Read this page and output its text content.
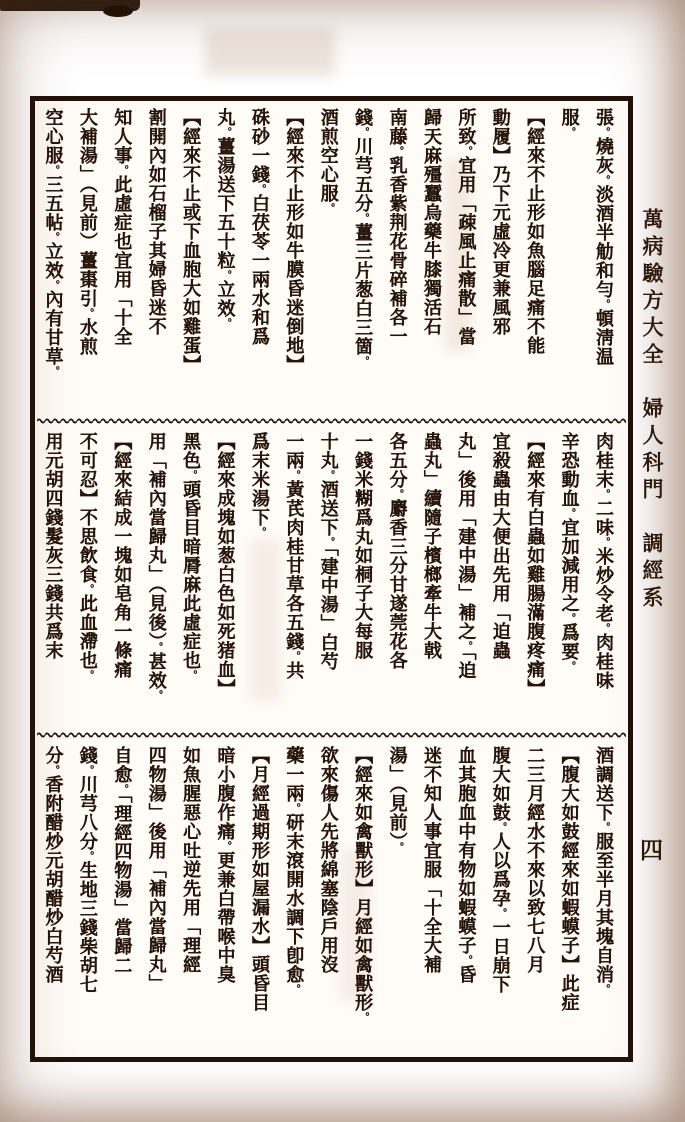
張。燒灰。淡酒半觔和勻。頓淸温
服。
【經來不止形如魚腦足痛不能
動履】乃下元虛冷更兼風邪
所致。宜用「疎風止痛散」當
歸天麻殭蠶烏藥牛膝獨活石
南藤。乳香紫荆花骨碎補各一
錢。川芎五分。薑三片葱白三箇。
酒煎空心服。
【經來不止形如牛膜昏迷倒地】
硃砂一錢。白茯苓一兩水和爲
丸。薑湯送下五十粒。立效。
【經來不止或下血胞大如雞蛋】
割開內如石榴子其婦昏迷不
知人事。此虛症也宜用「十全
大補湯」（見前）薑棗引。水煎
空心服。三五帖。立效。內有甘草。
肉桂末。二味。米炒令老。肉桂味
辛恐動血。宜加減用之。爲要。
【經來有白蟲如雞腸滿腹疼痛】
宜殺蟲由大便出先用「迫蟲
丸」後用「建中湯」補之。「迫
蟲丸」續隨子檳榔牽牛大戟
各五分。麝香三分甘遂莞花各
一錢米糊爲丸如桐子大每服
十丸。酒送下。「建中湯」白芍
一兩。黃芪肉桂甘草各五錢。共
爲末米湯下。
【經來成塊如葱白色如死猪血】
黑色。頭昏目暗脣麻此虛症也。
用「補內當歸丸」（見後）。甚效。
【經來結成一塊如皂角一條痛
不可忍】不思飲食。此血滯也。
用元胡四錢髮灰三錢共爲末
酒調送下。服至半月其塊自消。
【腹大如鼓經來如蝦蟆子】此症
二三月經水不來以致七八月
腹大如鼓。人以爲孕。一日崩下
血其胞血中有物如蝦蟆子。昏
迷不知人事宜服「十全大補
湯」（見前）。
【經來如禽獸形】月經如禽獸形。
欲來傷人先將綿塞陰戶用沒
藥一兩。研末滾開水調下卽愈。
【月經過期形如屋漏水】頭昏目
暗小腹作痛。更兼白帶喉中臭
如魚腥惡心吐逆先用「理經
四物湯」後用「補內當歸丸」
自愈。「理經四物湯」當歸二
錢。川芎八分。生地三錢柴胡七
分。香附醋炒元胡醋炒白芍酒
萬病驗方大全　婦人科門　調經系
四
